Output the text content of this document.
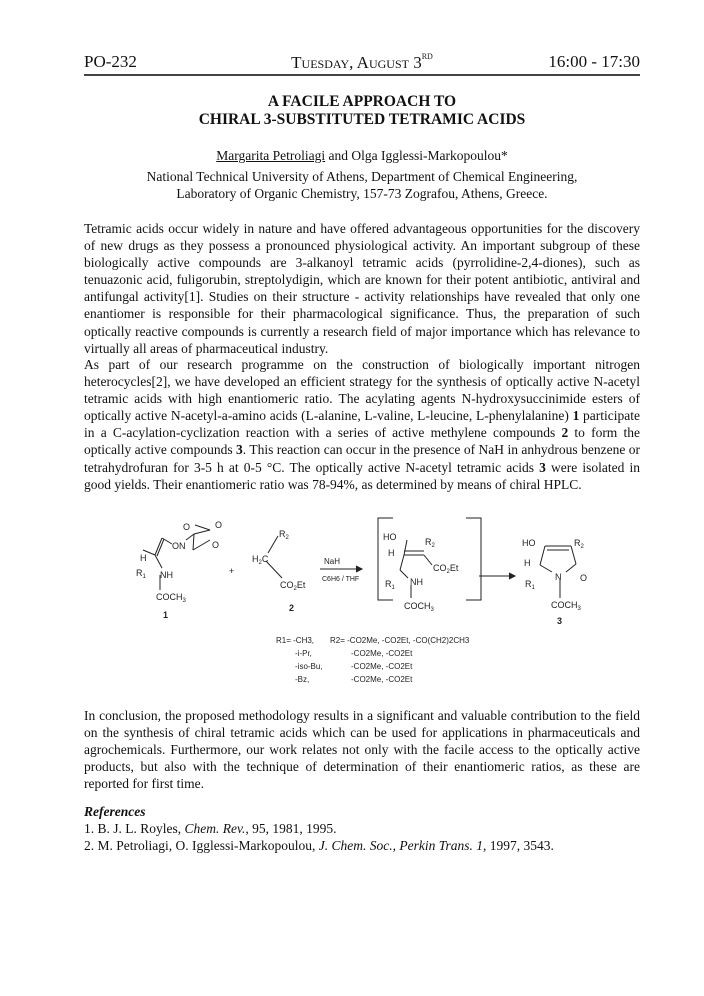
PO-232	Tuesday, August 3RD	16:00 - 17:30
A FACILE APPROACH TO
CHIRAL 3-SUBSTITUTED TETRAMIC ACIDS
Margarita Petroliagi and Olga Igglessi-Markopoulou*
National Technical University of Athens, Department of Chemical Engineering,
Laboratory of Organic Chemistry, 157-73 Zografou, Athens, Greece.
Tetramic acids occur widely in nature and have offered advantageous opportunities for the discovery of new drugs as they possess a pronounced physiological activity. An important subgroup of these biologically active compounds are 3-alkanoyl tetramic acids (pyrrolidine-2,4-diones), such as tenuazonic acid, fuligorubin, streptolydigin, which are known for their potent antibiotic, antiviral and antifungal activity[1]. Studies on their structure - activity relationships have revealed that only one enantiomer is responsible for their pharmacological significance. Thus, the preparation of such optically reactive compounds is currently a research field of major importance which has relevance to virtually all areas of pharmaceutical industry.
As part of our research programme on the construction of biologically important nitrogen heterocycles[2], we have developed an efficient strategy for the synthesis of optically active N-acetyl tetramic acids with high enantiomeric ratio. The acylating agents N-hydroxysuccinimide esters of optically active N-acetyl-a-amino acids (L-alanine, L-valine, L-leucine, L-phenylalanine) 1 participate in a C-acylation-cyclization reaction with a series of active methylene compounds 2 to form the optically active compounds 3. This reaction can occur in the presence of NaH in anhydrous benzene or tetrahydrofuran for 3-5 h at 0-5 °C. The optically active N-acetyl tetramic acids 3 were isolated in good yields. Their enantiomeric ratio was 78-94%, as determined by means of chiral HPLC.
O
ON
O
O
H
$R_1$ NH
$COCH_3$
1
+
$R_2$
$H_2C$
$CO_2Et$
2
NaH
C6H6 / THF
HO	$R_2$
H
$CO_2Et$
NH
$R_1$
$COCH_3$
HO	$R_2$
H
O
N
$R_1$
$COCH_3$
3
R1= -CH3, R2= -CO2Me, -CO2Et, -CO(CH2)2CH3
-i-Pr,	-CO2Me, -CO2Et
-iso-Bu,	-CO2Me, -CO2Et
-Bz,	-CO2Me, -CO2Et
In conclusion, the proposed methodology results in a significant and valuable contribution to the field on the synthesis of chiral tetramic acids which can be used for applications in pharmaceuticals and agrochemicals. Furthermore, our work relates not only with the facile access to the optically active products, but also with the technique of determination of their enantiomeric ratios, as these are reported for first time.
References
1. B. J. L. Royles, Chem. Rev., 95, 1981, 1995.
2. M. Petroliagi, O. Igglessi-Markopoulou, J. Chem. Soc., Perkin Trans. 1, 1997, 3543.
